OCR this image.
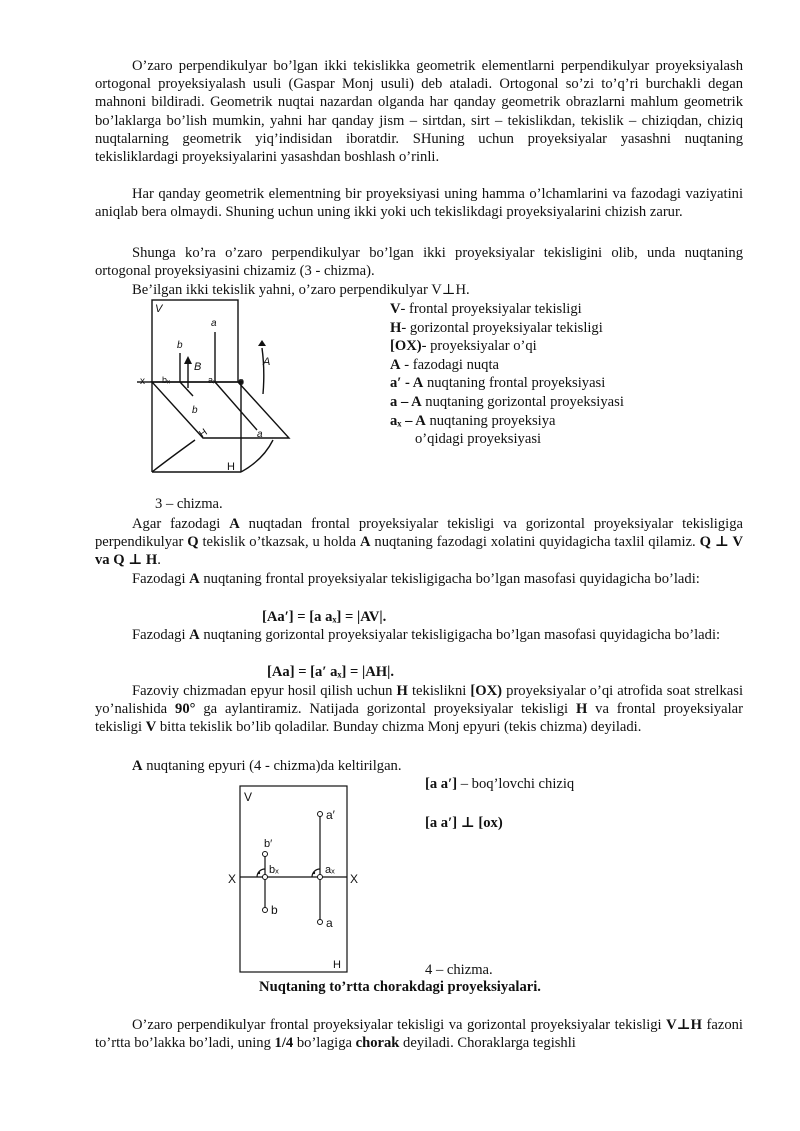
O’zaro perpendikulyar bo’lgan ikki tekislikka geometrik elementlarni perpendikulyar proyeksiyalash ortogonal proyeksiyalash usuli (Gaspar Monj usuli) deb ataladi. Ortogonal so’zi to’q’ri burchakli degan mahnoni bildiradi. Geometrik nuqtai nazardan olganda har qanday geometrik obrazlarni mahlum geometrik bo’laklarga bo’lish mumkin, yahni har qanday jism – sirtdan, sirt – tekislikdan, tekislik – chiziqdan, chiziq nuqtalarning geometrik yiq’indisidan iboratdir. SHuning uchun proyeksiyalar yasashni nuqtaning tekisliklardagi proyeksiyalarini yasashdan boshlash o’rinli.

Har qanday geometrik elementning bir proyeksiyasi uning hamma o’lchamlarini va fazodagi vaziyatini aniqlab bera olmaydi. Shuning uchun uning ikki yoki uch tekislikdagi proyeksiyalarini chizish zarur.

Shunga ko’ra o’zaro perpendikulyar bo’lgan ikki proyeksiyalar tekisligini olib, unda nuqtaning ortogonal proyeksiyasini chizamiz (3 - chizma).

Be’ilgan ikki tekislik yahni, o’zaro perpendikulyar V⊥H.

V
a
b
B	A
x bₓ	aₓ o
b
H	a
H
V- frontal proyeksiyalar tekisligi
H- gorizontal proyeksiyalar tekisligi
[OX)- proyeksiyalar o’qi
A - fazodagi nuqta
a′ - A nuqtaning frontal proyeksiyasi
a – A nuqtaning gorizontal proyeksiyasi
aₓ – A nuqtaning proyeksiya
o’qidagi proyeksiyasi

3 – chizma.

Agar fazodagi A nuqtadan frontal proyeksiyalar tekisligi va gorizontal proyeksiyalar tekisligiga perpendikulyar Q tekislik o’tkazsak, u holda A nuqtaning fazodagi xolatini quyidagicha taxlil qilamiz. Q ⊥ V va Q ⊥ H.

Fazodagi A nuqtaning frontal proyeksiyalar tekisligigacha bo’lgan masofasi quyidagicha bo’ladi:

[Aa′] = [a aₓ] = |AV|.

Fazodagi A nuqtaning gorizontal proyeksiyalar tekisligigacha bo’lgan masofasi quyidagicha bo’ladi:

[Aa] = [a′ aₓ] = |AH|.

Fazoviy chizmadan epyur hosil qilish uchun H tekislikni [OX) proyeksiyalar o’qi atrofida soat strelkasi yo’nalishida 90° ga aylantiramiz. Natijada gorizontal proyeksiyalar tekisligi H va frontal proyeksiyalar tekisligi V bitta tekislik bo’lib qoladilar. Bunday chizma Monj epyuri (tekis chizma) deyiladi.

A nuqtaning epyuri (4 - chizma)da keltirilgan.

V
a′
b′
X	X
bₓ	aₓ
b
a
H
[a a′] – boq’lovchi chiziq
[a a′] ⊥ [ox)

4 – chizma.

Nuqtaning to’rtta chorakdagi proyeksiyalari.

O’zaro perpendikulyar frontal proyeksiyalar tekisligi va gorizontal proyeksiyalar tekisligi V⊥H fazoni to’rtta bo’lakka bo’ladi, uning 1/4 bo’lagiga chorak deyiladi. Choraklarga tegishli
